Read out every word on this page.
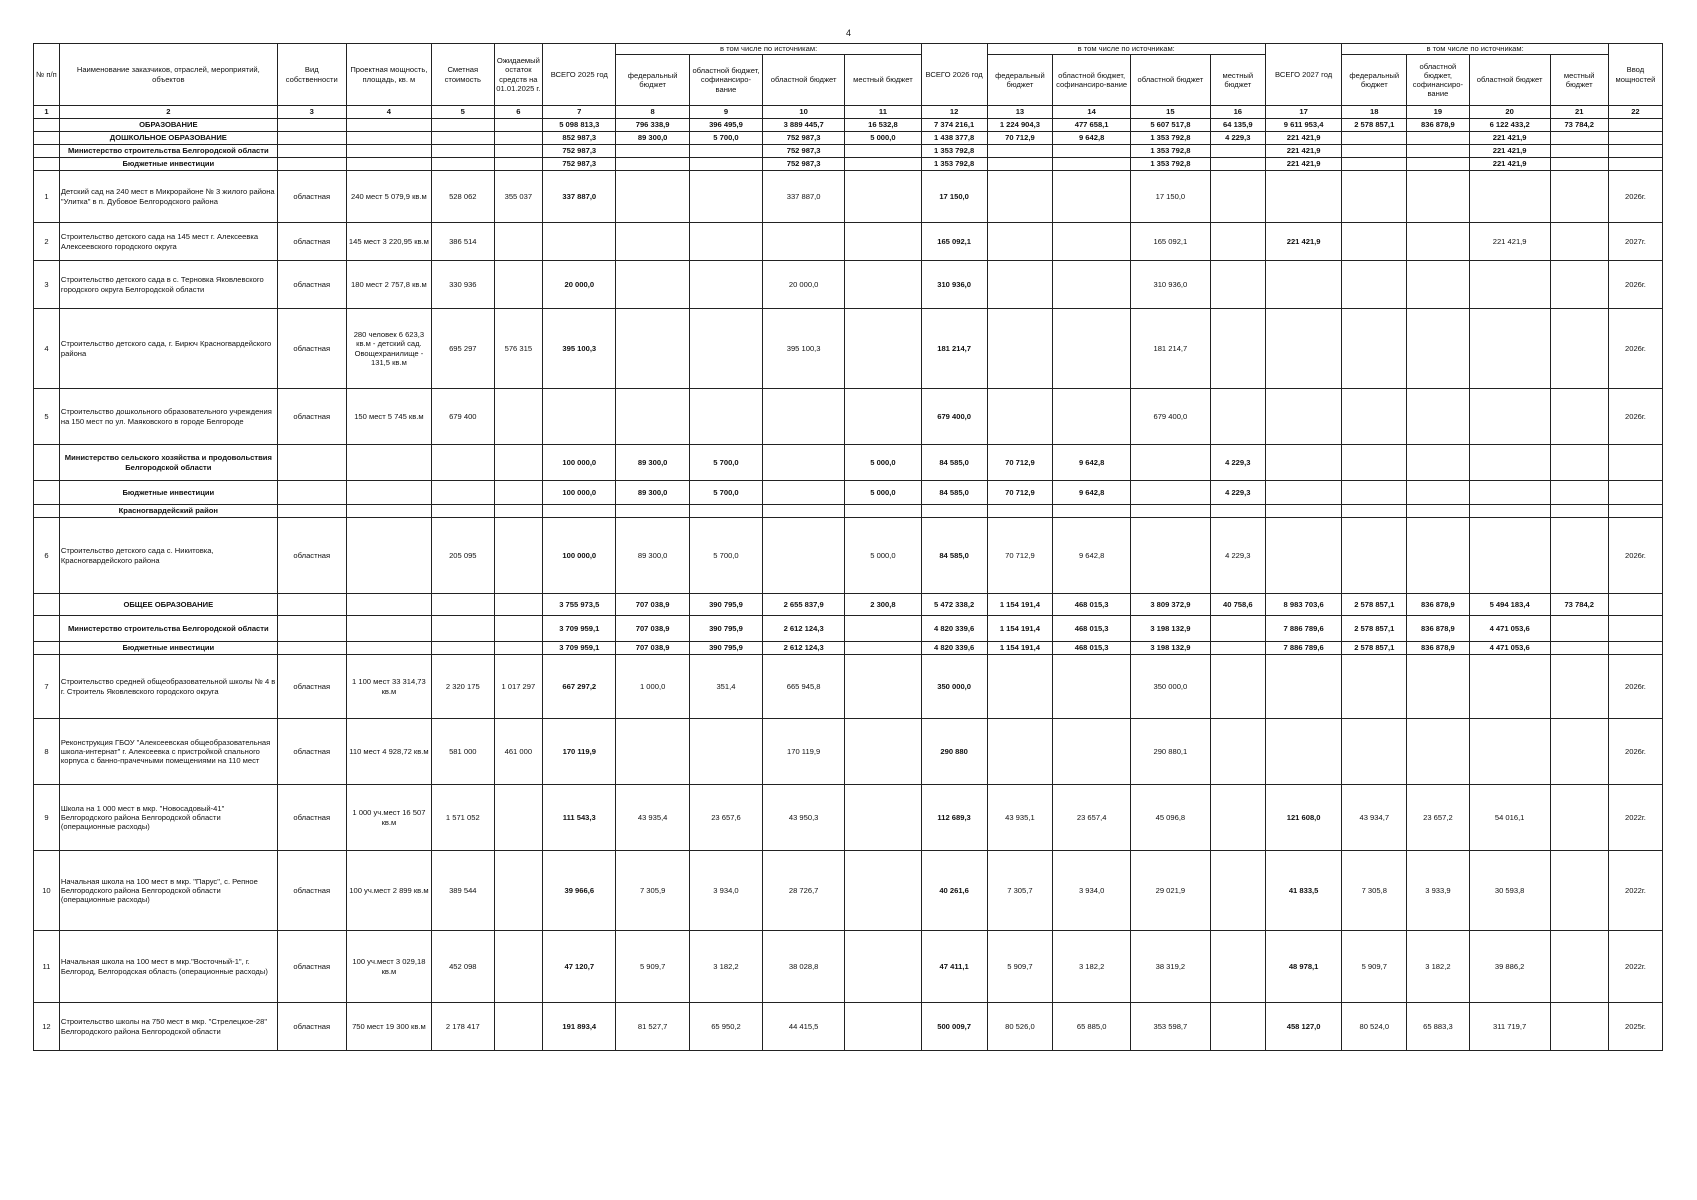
4
№ п/п	Наименование заказчиков, отраслей, мероприятий, объектов	Вид собственности	Проектная мощность, площадь, кв. м	Сметная стоимость	Ожидаемый остаток средств на 01.01.2025 г.	ВСЕГО 2025 год	в том числе по источникам:				ВСЕГО 2026 год	в том числе по источникам:				ВСЕГО 2027 год	в том числе по источникам:				Ввод мощностей
							федеральный бюджет	областной бюджет, софинансиро-вание	областной бюджет	местный бюджет		федеральный бюджет	областной бюджет, софинансиро-вание	областной бюджет	местный бюджет		федеральный бюджет	областной бюджет, софинансиро-вание	областной бюджет	местный бюджет	
1	2	3	4	5	6	7	8	9	10	11	12	13	14	15	16	17	18	19	20	21	22
	ОБРАЗОВАНИЕ					5 098 813,3	796 338,9	396 495,9	3 889 445,7	16 532,8	7 374 216,1	1 224 904,3	477 658,1	5 607 517,8	64 135,9	9 611 953,4	2 578 857,1	836 878,9	6 122 433,2	73 784,2	
	ДОШКОЛЬНОЕ ОБРАЗОВАНИЕ					852 987,3	89 300,0	5 700,0	752 987,3	5 000,0	1 438 377,8	70 712,9	9 642,8	1 353 792,8	4 229,3	221 421,9			221 421,9		
	Министерство строительства Белгородской области					752 987,3			752 987,3		1 353 792,8			1 353 792,8		221 421,9			221 421,9		
	Бюджетные инвестиции					752 987,3			752 987,3		1 353 792,8			1 353 792,8		221 421,9			221 421,9		
1	Детский сад на 240 мест в Микрорайоне № 3 жилого района "Улитка" в п. Дубовое Белгородского района	областная	240 мест 5 079,9 кв.м	528 062	355 037	337 887,0			337 887,0		17 150,0			17 150,0							2026г.
2	Строительство детского сада на 145 мест г. Алексеевка Алексеевского городского округа	областная	145 мест 3 220,95 кв.м	386 514							165 092,1			165 092,1		221 421,9			221 421,9		2027г.
3	Строительство детского сада в с. Терновка Яковлевского городского округа Белгородской области	областная	180 мест 2 757,8 кв.м	330 936		20 000,0			20 000,0		310 936,0			310 936,0							2026г.
4	Строительство детского сада, г. Бирюч Красногвардейского района	областная	280 человек 6 623,3 кв.м - детский сад. Овощехранилище - 131,5 кв.м	695 297	576 315	395 100,3			395 100,3		181 214,7			181 214,7							2026г.
5	Строительство дошкольного образовательного учреждения на 150 мест по ул. Маяковского в городе Белгороде	областная	150 мест 5 745 кв.м	679 400							679 400,0			679 400,0							2026г.
	Министерство сельского хозяйства и продовольствия Белгородской области					100 000,0	89 300,0	5 700,0		5 000,0	84 585,0	70 712,9	9 642,8		4 229,3						
	Бюджетные инвестиции					100 000,0	89 300,0	5 700,0		5 000,0	84 585,0	70 712,9	9 642,8		4 229,3						
	Красногвардейский район																				
6	Строительство детского сада с. Никитовка, Красногвардейского района	областная		205 095		100 000,0	89 300,0	5 700,0		5 000,0	84 585,0	70 712,9	9 642,8		4 229,3						2026г.
	ОБЩЕЕ ОБРАЗОВАНИЕ					3 755 973,5	707 038,9	390 795,9	2 655 837,9	2 300,8	5 472 338,2	1 154 191,4	468 015,3	3 809 372,9	40 758,6	8 983 703,6	2 578 857,1	836 878,9	5 494 183,4	73 784,2	
	Министерство строительства Белгородской области					3 709 959,1	707 038,9	390 795,9	2 612 124,3		4 820 339,6	1 154 191,4	468 015,3	3 198 132,9		7 886 789,6	2 578 857,1	836 878,9	4 471 053,6		
	Бюджетные инвестиции					3 709 959,1	707 038,9	390 795,9	2 612 124,3		4 820 339,6	1 154 191,4	468 015,3	3 198 132,9		7 886 789,6	2 578 857,1	836 878,9	4 471 053,6		
7	Строительство средней общеобразовательной школы № 4 в г. Строитель Яковлевского городского округа	областная	1 100 мест 33 314,73 кв.м	2 320 175	1 017 297	667 297,2	1 000,0	351,4	665 945,8		350 000,0			350 000,0							2026г.
8	Реконструкция ГБОУ "Алексеевская общеобразовательная школа-интернат" г. Алексеевка с пристройкой спального корпуса с банно-прачечными помещениями на 110 мест	областная	110 мест 4 928,72 кв.м	581 000	461 000	170 119,9			170 119,9		290 880			290 880,1							2026г.
9	Школа на 1 000 мест в мкр. "Новосадовый-41" Белгородского района Белгородской области (операционные расходы)	областная	1 000 уч.мест 16 507 кв.м	1 571 052		111 543,3	43 935,4	23 657,6	43 950,3		112 689,3	43 935,1	23 657,4	45 096,8		121 608,0	43 934,7	23 657,2	54 016,1		2022г.
10	Начальная школа на 100 мест в мкр. "Парус", с. Репное Белгородского района Белгородской области (операционные расходы)	областная	100 уч.мест 2 899 кв.м	389 544		39 966,6	7 305,9	3 934,0	28 726,7		40 261,6	7 305,7	3 934,0	29 021,9		41 833,5	7 305,8	3 933,9	30 593,8		2022г.
11	Начальная школа на 100 мест в мкр."Восточный-1", г. Белгород, Белгородская область (операционные расходы)	областная	100 уч.мест 3 029,18 кв.м	452 098		47 120,7	5 909,7	3 182,2	38 028,8		47 411,1	5 909,7	3 182,2	38 319,2		48 978,1	5 909,7	3 182,2	39 886,2		2022г.
12	Строительство школы на 750 мест в мкр. "Стрелецкое-28" Белгородского района Белгородской области	областная	750 мест 19 300 кв.м	2 178 417		191 893,4	81 527,7	65 950,2	44 415,5		500 009,7	80 526,0	65 885,0	353 598,7		458 127,0	80 524,0	65 883,3	311 719,7		2025г.
